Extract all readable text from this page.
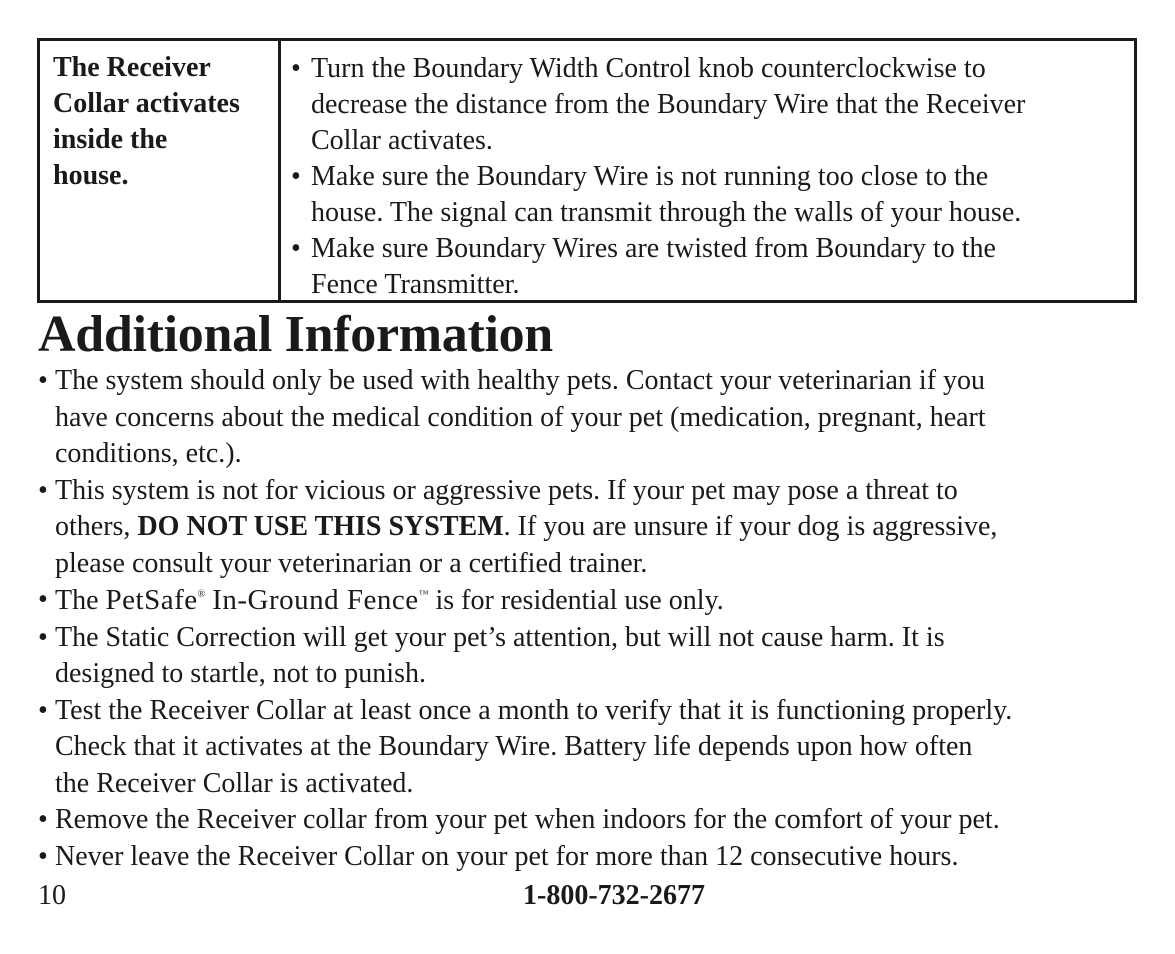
The Receiver
Collar activates
inside the
house.
• Turn the Boundary Width Control knob counterclockwise to
decrease the distance from the Boundary Wire that the Receiver
Collar activates.
• Make sure the Boundary Wire is not running too close to the
house. The signal can transmit through the walls of your house.
• Make sure Boundary Wires are twisted from Boundary to the
Fence Transmitter.
Additional Information
• The system should only be used with healthy pets. Contact your veterinarian if you
have concerns about the medical condition of your pet (medication, pregnant, heart
conditions, etc.).
• This system is not for vicious or aggressive pets. If your pet may pose a threat to
others, DO NOT USE THIS SYSTEM. If you are unsure if your dog is aggressive,
please consult your veterinarian or a certified trainer.
• The PetSafe® In-Ground Fence™ is for residential use only.
• The Static Correction will get your pet’s attention, but will not cause harm. It is
designed to startle, not to punish.
• Test the Receiver Collar at least once a month to verify that it is functioning properly.
Check that it activates at the Boundary Wire. Battery life depends upon how often
the Receiver Collar is activated.
• Remove the Receiver collar from your pet when indoors for the comfort of your pet.
• Never leave the Receiver Collar on your pet for more than 12 consecutive hours.
10	1-800-732-2677
